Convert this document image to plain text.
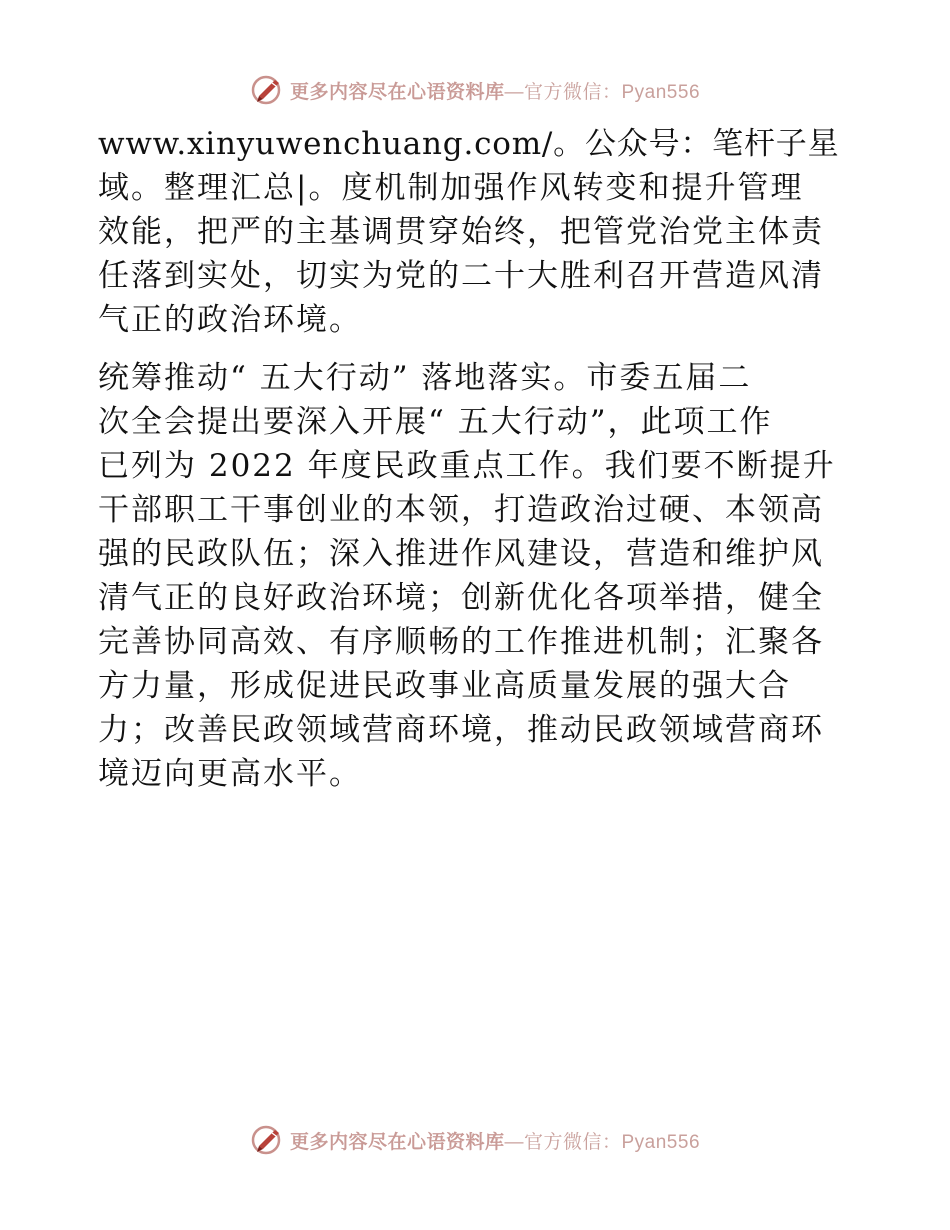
更多内容尽在心语资料库—官方微信：Pyan556

www.xinyuwenchuang.com/。公众号：笔杆子星
域。整理汇总|。度机制加强作风转变和提升管理
效能，把严的主基调贯穿始终，把管党治党主体责
任落到实处，切实为党的二十大胜利召开营造风清
气正的政治环境。

统筹推动“ 五大行动” 落地落实。市委五届二
次全会提出要深入开展“ 五大行动”，此项工作
已列为 2022 年度民政重点工作。我们要不断提升
干部职工干事创业的本领，打造政治过硬、本领高
强的民政队伍；深入推进作风建设，营造和维护风
清气正的良好政治环境；创新优化各项举措，健全
完善协同高效、有序顺畅的工作推进机制；汇聚各
方力量，形成促进民政事业高质量发展的强大合
力；改善民政领域营商环境，推动民政领域营商环
境迈向更高水平。

更多内容尽在心语资料库—官方微信：Pyan556
